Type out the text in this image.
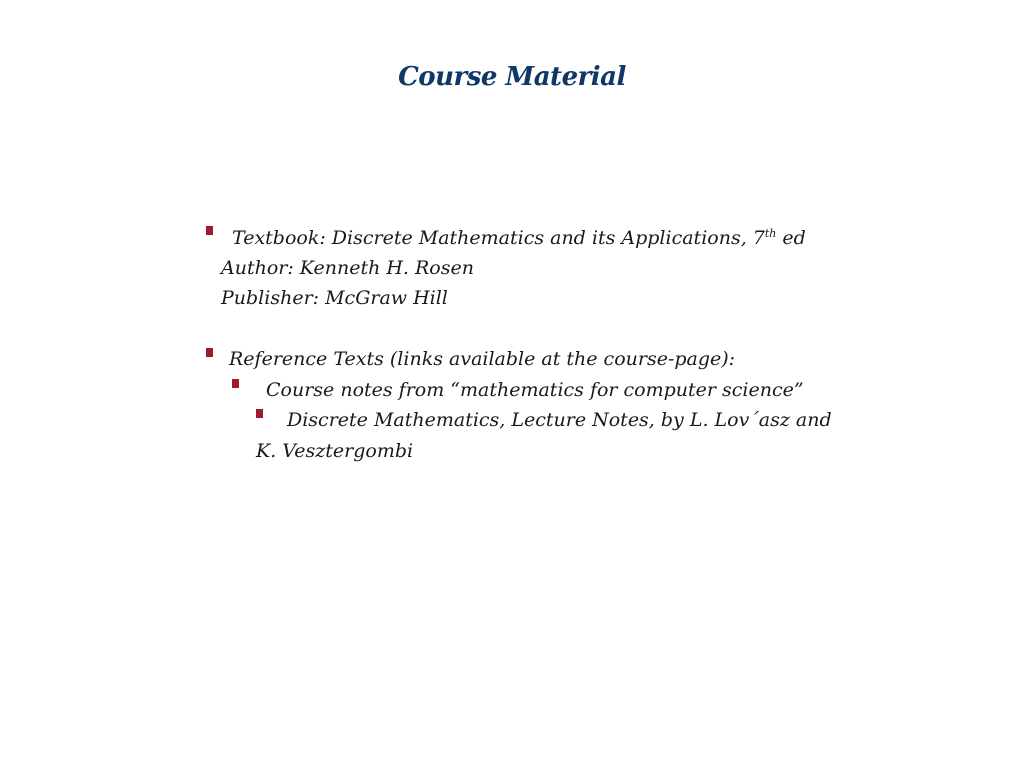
Course Material
Textbook: Discrete Mathematics and its Applications, 7th ed
Author: Kenneth H. Rosen
Publisher: McGraw Hill
Reference Texts (links available at the course-page):
Course notes from “mathematics for computer science”
Discrete Mathematics, Lecture Notes, by L. Lov´asz and
K. Vesztergombi
